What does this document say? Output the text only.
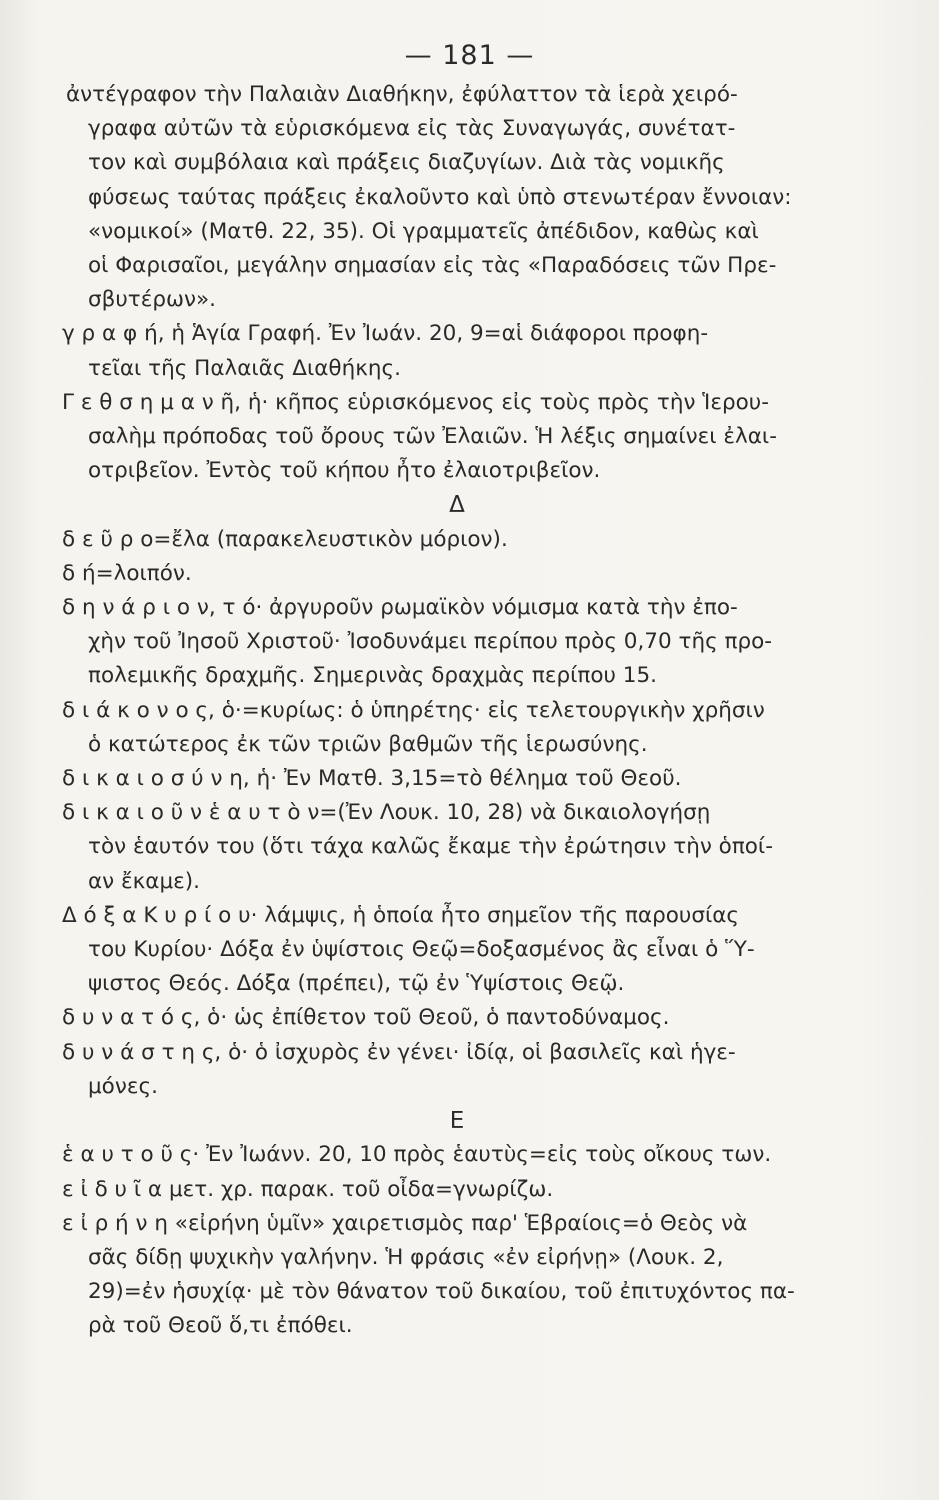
— 181 —
ἀντέγραφον τὴν Παλαιὰν Διαθήκην, ἐφύλαττον τὰ ἱερὰ χειρό-
γραφα αὐτῶν τὰ εὑρισκόμενα εἰς τὰς Συναγωγάς, συνέτατ-
τον καὶ συμβόλαια καὶ πράξεις διαζυγίων. Διὰ τὰς νομικῆς
φύσεως ταύτας πράξεις ἐκαλοῦντο καὶ ὑπὸ στενωτέραν ἔννοιαν:
«νομικοί» (Ματθ. 22, 35). Οἱ γραμματεῖς ἀπέδιδον, καθὼς καὶ
οἱ Φαρισαῖοι, μεγάλην σημασίαν εἰς τὰς «Παραδόσεις τῶν Πρε-
σβυτέρων».
γ ρ α φ ή, ἡ Ἁγία Γραφή. Ἐν Ἰωάν. 20, 9=αἱ διάφοροι προφη-
τεῖαι τῆς Παλαιᾶς Διαθήκης.
Γ ε θ σ η μ α ν ῆ, ἡ· κῆπος εὑρισκόμενος εἰς τοὺς πρὸς τὴν Ἱερου-
σαλὴμ πρόποδας τοῦ ὄρους τῶν Ἐλαιῶν. Ἡ λέξις σημαίνει ἐλαι-
οτριβεῖον. Ἐντὸς τοῦ κήπου ἦτο ἐλαιοτριβεῖον.
Δ
δ ε ῦ ρ ο=ἔλα (παρακελευστικὸν μόριον).
δ ή=λοιπόν.
δ η ν ά ρ ι ο ν, τ ό· ἀργυροῦν ρωμαϊκὸν νόμισμα κατὰ τὴν ἐπο-
χὴν τοῦ Ἰησοῦ Χριστοῦ· Ἰσοδυνάμει περίπου πρὸς 0,70 τῆς προ-
πολεμικῆς δραχμῆς. Σημερινὰς δραχμὰς περίπου 15.
δ ι ά κ ο ν ο ς, ὁ·=κυρίως: ὁ ὑπηρέτης· εἰς τελετουργικὴν χρῆσιν
ὁ κατώτερος ἐκ τῶν τριῶν βαθμῶν τῆς ἱερωσύνης.
δ ι κ α ι ο σ ύ ν η, ἡ· Ἐν Ματθ. 3,15=τὸ θέλημα τοῦ Θεοῦ.
δ ι κ α ι ο ῦ ν ἑ α υ τ ὸ ν=(Ἐν Λουκ. 10, 28) νὰ δικαιολογήσῃ
τὸν ἑαυτόν του (ὅτι τάχα καλῶς ἔκαμε τὴν ἐρώτησιν τὴν ὁποί-
αν ἔκαμε).
Δ ό ξ α Κ υ ρ ί ο υ· λάμψις, ἡ ὁποία ἦτο σημεῖον τῆς παρουσίας
του Κυρίου· Δόξα ἐν ὑψίστοις Θεῷ=δοξασμένος ἂς εἶναι ὁ Ὕ-
ψιστος Θεός. Δόξα (πρέπει), τῷ ἐν Ὑψίστοις Θεῷ.
δ υ ν α τ ό ς, ὁ· ὡς ἐπίθετον τοῦ Θεοῦ, ὁ παντοδύναμος.
δ υ ν ά σ τ η ς, ὁ· ὁ ἰσχυρὸς ἐν γένει· ἰδίᾳ, οἱ βασιλεῖς καὶ ἡγε-
μόνες.
Ε
ἑ α υ τ ο ῦ ς· Ἐν Ἰωάνν. 20, 10 πρὸς ἑαυτὺς=εἰς τοὺς οἴκους των.
ε ἰ δ υ ῖ α μετ. χρ. παρακ. τοῦ οἶδα=γνωρίζω.
ε ἰ ρ ή ν η «εἰρήνη ὑμῖν» χαιρετισμὸς παρ' Ἑβραίοις=ὁ Θεὸς νὰ
σᾶς δίδῃ ψυχικὴν γαλήνην. Ἡ φράσις «ἐν εἰρήνῃ» (Λουκ. 2,
29)=ἐν ἡσυχίᾳ· μὲ τὸν θάνατον τοῦ δικαίου, τοῦ ἐπιτυχόντος πα-
ρὰ τοῦ Θεοῦ ὅ,τι ἐπόθει.
